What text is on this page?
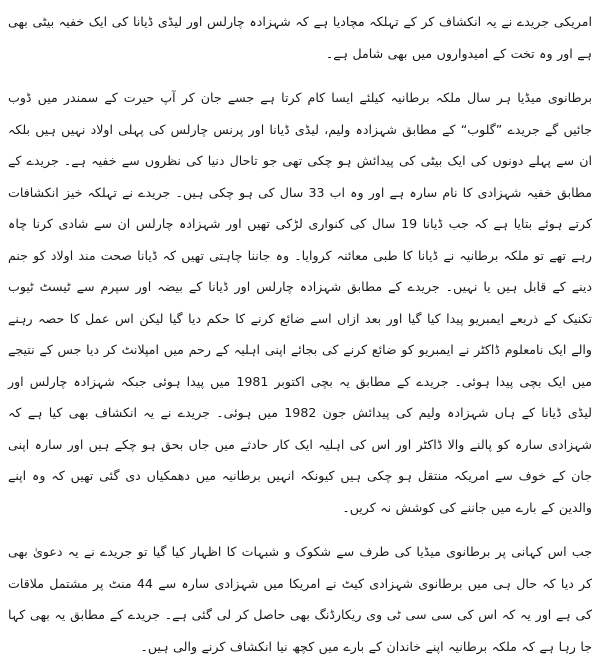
امریکی جریدے نے یہ انکشاف کر کے تہلکہ مچادیا ہے کہ شہزادہ چارلس اور لیڈی ڈیانا کی ایک خفیہ بیٹی بھی ہے اور وہ تخت کے امیدواروں میں بھی شامل ہے۔

برطانوی میڈیا ہر سال ملکہ برطانیہ کیلئے ایسا کام کرتا ہے جسے جان کر آپ حیرت کے سمندر میں ڈوب جائیں گے جریدے ”گلوب“ کے مطابق شہزادہ ولیم، لیڈی ڈیانا اور پرنس چارلس کی پہلی اولاد نہیں ہیں بلکہ ان سے پہلے دونوں کی ایک بیٹی کی پیدائش ہو چکی تھی جو تاحال دنیا کی نظروں سے خفیہ ہے۔ جریدے کے مطابق خفیہ شہزادی کا نام سارہ ہے اور وہ اب 33 سال کی ہو چکی ہیں۔ جریدے نے تہلکہ خیز انکشافات کرتے ہوئے بتایا ہے کہ جب ڈیانا 19 سال کی کنواری لڑکی تھیں اور شہزادہ چارلس ان سے شادی کرنا چاہ رہے تھے تو ملکہ برطانیہ نے ڈیانا کا طبی معائنہ کروایا۔ وہ جاننا چاہتی تھیں کہ ڈیانا صحت مند اولاد کو جنم دینے کے قابل ہیں یا نہیں۔ جریدے کے مطابق شہزادہ چارلس اور ڈیانا کے بیضہ اور سپرم سے ٹیسٹ ٹیوب تکنیک کے ذریعے ایمبریو پیدا کیا گیا اور بعد ازاں اسے ضائع کرنے کا حکم دیا گیا لیکن اس عمل کا حصہ رہنے والے ایک نامعلوم ڈاکٹر نے ایمبریو کو ضائع کرنے کی بجائے اپنی اہلیہ کے رحم میں امپلانٹ کر دیا جس کے نتیجے میں ایک بچی پیدا ہوئی۔ جریدے کے مطابق یہ بچی اکتوبر 1981 میں پیدا ہوئی جبکہ شہزادہ چارلس اور لیڈی ڈیانا کے ہاں شہزادہ ولیم کی پیدائش جون 1982 میں ہوئی۔ جریدے نے یہ انکشاف بھی کیا ہے کہ شہزادی سارہ کو پالنے والا ڈاکٹر اور اس کی اہلیہ ایک کار حادثے میں جاں بحق ہو چکے ہیں اور سارہ اپنی جان کے خوف سے امریکہ منتقل ہو چکی ہیں کیونکہ انہیں برطانیہ میں دھمکیاں دی گئی تھیں کہ وہ اپنے والدین کے بارے میں جاننے کی کوشش نہ کریں۔

جب اس کہانی پر برطانوی میڈیا کی طرف سے شکوک و شبہات کا اظہار کیا گیا تو جریدے نے یہ دعویٰ بھی کر دیا کہ حال ہی میں برطانوی شہزادی کیٹ نے امریکا میں شہزادی سارہ سے 44 منٹ پر مشتمل ملاقات کی ہے اور یہ کہ اس کی سی سی ٹی وی ریکارڈنگ بھی حاصل کر لی گئی ہے۔ جریدے کے مطابق یہ بھی کہا جا رہا ہے کہ ملکہ برطانیہ اپنے خاندان کے بارے میں کچھ نیا انکشاف کرنے والی ہیں۔
